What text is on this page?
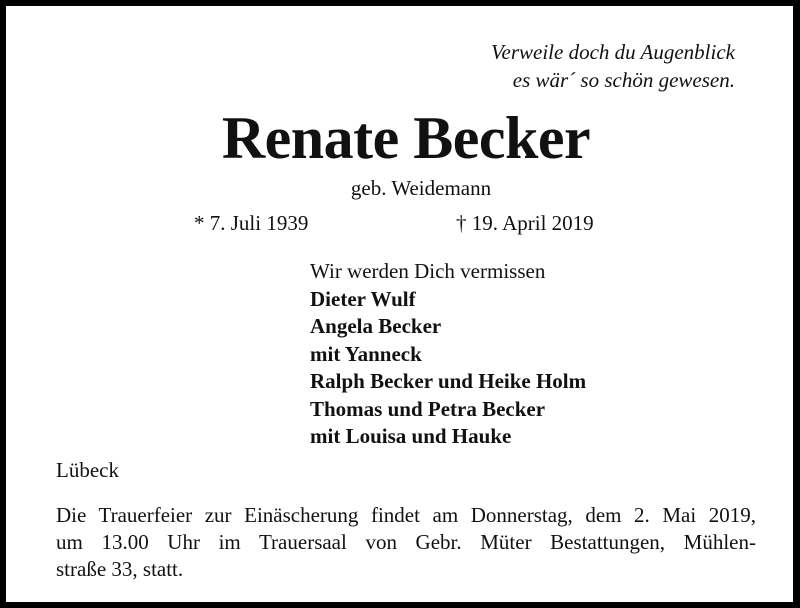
Verweile doch du Augenblick
es wär´ so schön gewesen.
Renate Becker
geb. Weidemann
* 7. Juli 1939	† 19. April 2019
Wir werden Dich vermissen
Dieter Wulf
Angela Becker
mit Yanneck
Ralph Becker und Heike Holm
Thomas und Petra Becker
mit Louisa und Hauke
Lübeck
Die Trauerfeier zur Einäscherung findet am Donnerstag, dem 2. Mai 2019,
um 13.00 Uhr im Trauersaal von Gebr. Müter Bestattungen, Mühlen-
straße 33, statt.
